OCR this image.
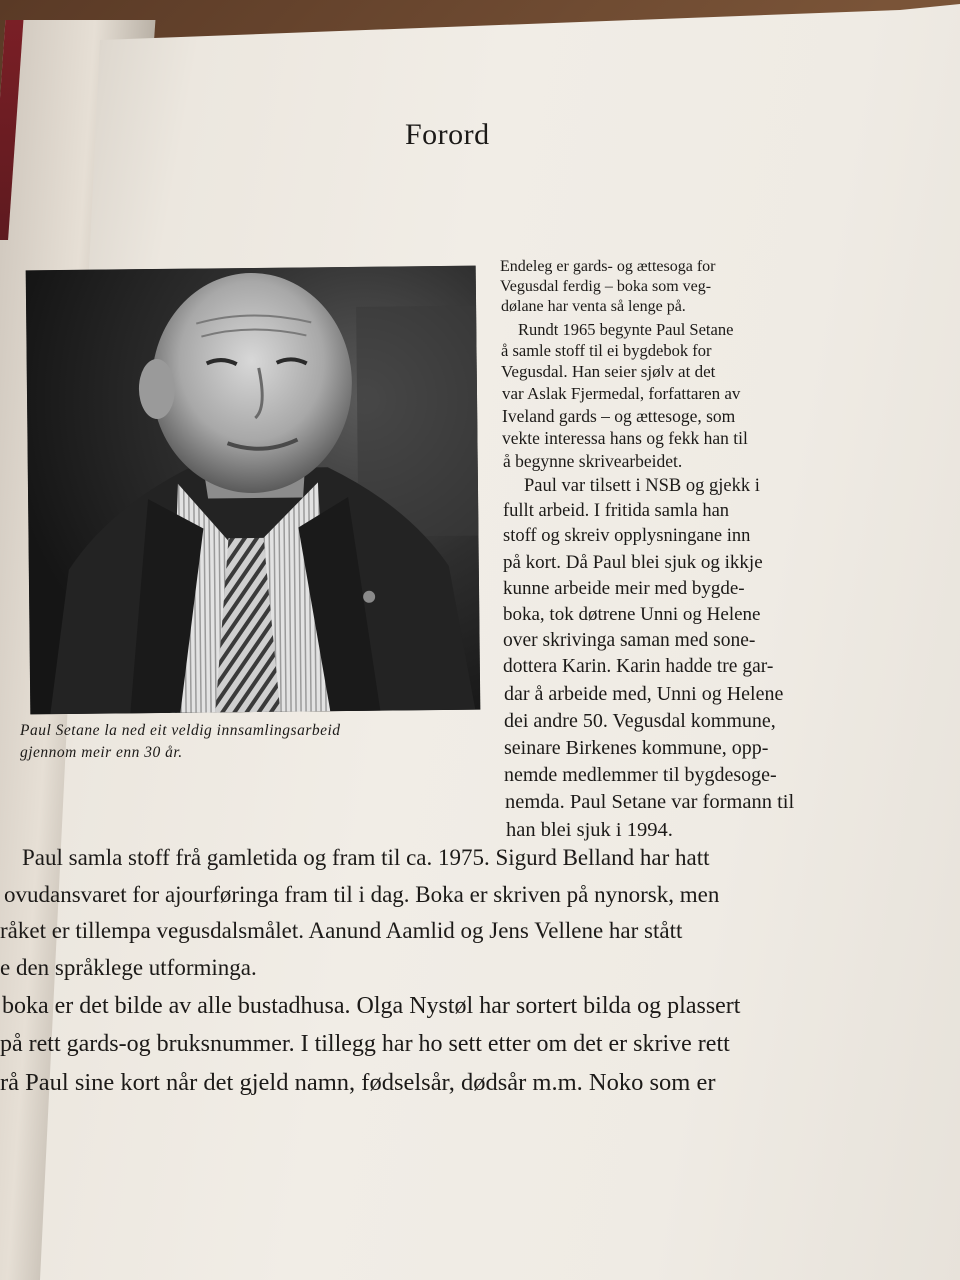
Forord
Paul Setane la ned eit veldig innsamlingsarbeid
gjennom meir enn 30 år.
Endeleg er gards- og ættesoga for
Vegusdal ferdig – boka som veg-
dølane har venta så lenge på.
Rundt 1965 begynte Paul Setane
å samle stoff til ei bygdebok for
Vegusdal. Han seier sjølv at det
var Aslak Fjermedal, forfattaren av
Iveland gards – og ættesoge, som
vekte interessa hans og fekk han til
å begynne skrivearbeidet.
Paul var tilsett i NSB og gjekk i
fullt arbeid. I fritida samla han
stoff og skreiv opplysningane inn
på kort. Då Paul blei sjuk og ikkje
kunne arbeide meir med bygde-
boka, tok døtrene Unni og Helene
over skrivinga saman med sone-
dottera Karin. Karin hadde tre gar-
dar å arbeide med, Unni og Helene
dei andre 50. Vegusdal kommune,
seinare Birkenes kommune, opp-
nemde medlemmer til bygdesoge-
nemda. Paul Setane var formann til
han blei sjuk i 1994.
Paul samla stoff frå gamletida og fram til ca. 1975. Sigurd Belland har hatt
ovudansvaret for ajourføringa fram til i dag. Boka er skriven på nynorsk, men
råket er tillempa vegusdalsmålet. Aanund Aamlid og Jens Vellene har stått
e den språklege utforminga.
boka er det bilde av alle bustadhusa. Olga Nystøl har sortert bilda og plassert
på rett gards-og bruksnummer. I tillegg har ho sett etter om det er skrive rett
rå Paul sine kort når det gjeld namn, fødselsår, dødsår m.m. Noko som er
